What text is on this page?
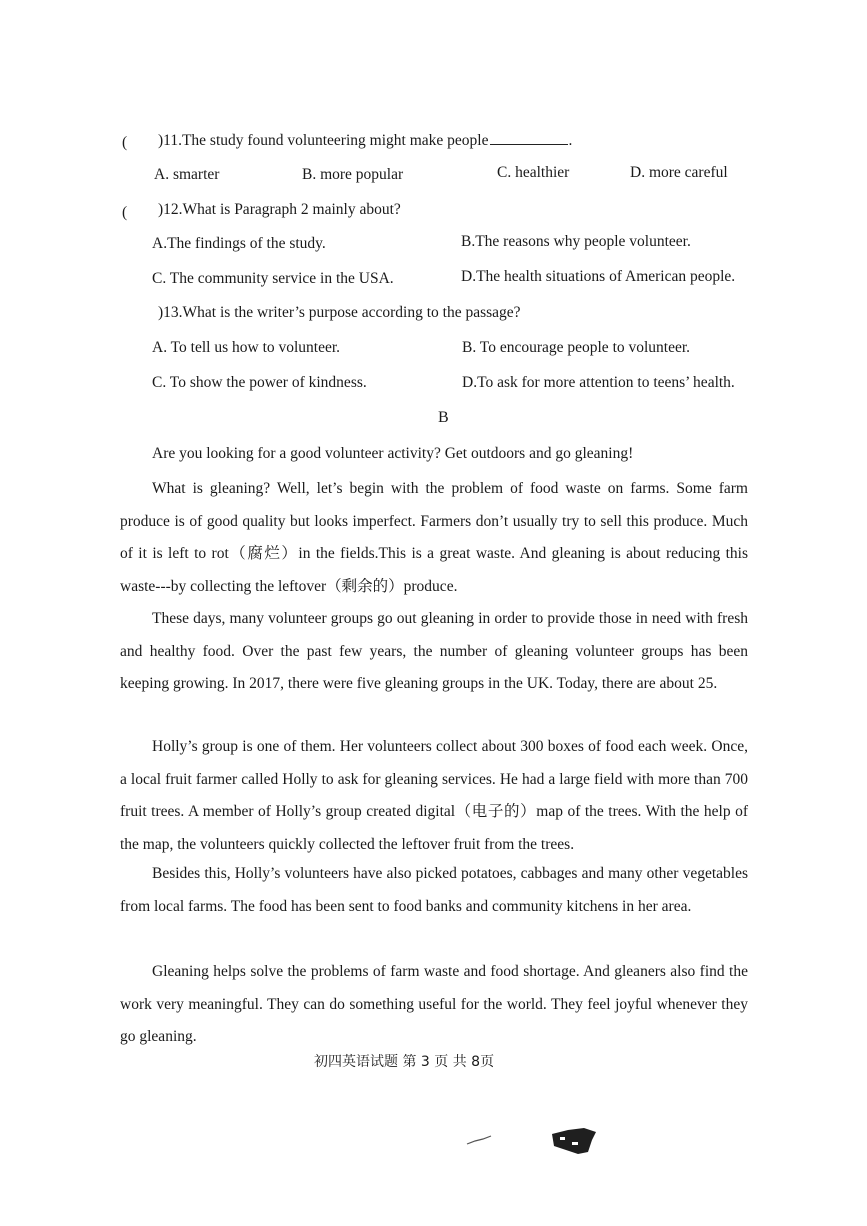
( )11.The study found volunteering might make people	.
A. smarter	B. more popular	C. healthier	D. more careful
( )12.What is Paragraph 2 mainly about?
A.The findings of the study.	B.The reasons why people volunteer.
C. The community service in the USA.	D.The health situations of American people.
)13.What is the writer’s purpose according to the passage?
A. To tell us how to volunteer.	B. To encourage people to volunteer.
C. To show the power of kindness.	D.To ask for more attention to teens’ health.
B
Are you looking for a good volunteer activity? Get outdoors and go gleaning!
What is gleaning? Well, let’s begin with the problem of food waste on farms. Some farm produce is of good quality but looks imperfect. Farmers don’t usually try to sell this produce. Much of it is left to rot（腐烂）in the fields.This is a great waste. And gleaning is about reducing this waste---by collecting the leftover（剩余的）produce.
These days, many volunteer groups go out gleaning in order to provide those in need with fresh and healthy food. Over the past few years, the number of gleaning volunteer groups has been keeping growing. In 2017, there were five gleaning groups in the UK. Today, there are about 25.
Holly’s group is one of them. Her volunteers collect about 300 boxes of food each week. Once, a local fruit farmer called Holly to ask for gleaning services. He had a large field with more than 700 fruit trees. A member of Holly’s group created digital（电子的）map of the trees. With the help of the map, the volunteers quickly collected the leftover fruit from the trees.
Besides this, Holly’s volunteers have also picked potatoes, cabbages and many other vegetables from local farms. The food has been sent to food banks and community kitchens in her area.
Gleaning helps solve the problems of farm waste and food shortage. And gleaners also find the work very meaningful. They can do something useful for the world. They feel joyful whenever they go gleaning.
初四英语试题 第 3 页 共 8页
